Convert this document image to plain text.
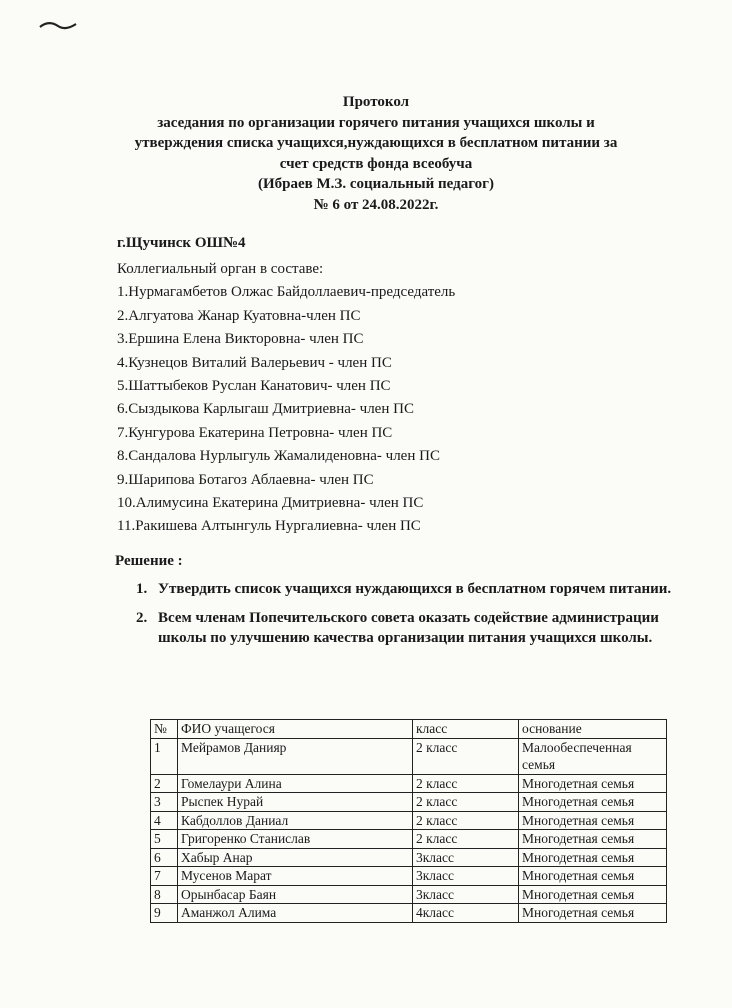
Протокол
заседания по организации горячего питания учащихся школы и
утверждения списка учащихся,нуждающихся в бесплатном питании за
счет средств фонда всеобуча
(Ибраев М.З. социальный педагог)
№ 6 от 24.08.2022г.
г.Щучинск ОШ№4
Коллегиальный орган в составе:
1.Нурмагамбетов Олжас Байдоллаевич-председатель
2.Алгуатова Жанар Куатовна-член ПС
3.Ершина Елена Викторовна- член ПС
4.Кузнецов Виталий Валерьевич - член ПС
5.Шаттыбеков Руслан Канатович- член ПС
6.Сыздыкова Карлыгаш Дмитриевна- член ПС
7.Кунгурова Екатерина Петровна- член ПС
8.Сандалова Нурлыгуль Жамалиденовна- член ПС
9.Шарипова Ботагоз Аблаевна- член ПС
10.Алимусина Екатерина Дмитриевна- член ПС
11.Ракишева Алтынгуль Нургалиевна- член ПС
Решение :
1. Утвердить список учащихся нуждающихся в бесплатном горячем питании.
2. Всем членам Попечительского совета оказать содействие администрации школы по улучшению качества организации питания учащихся школы.
№	ФИО учащегося	класс	основание
1	Мейрамов Данияр	2 класс	Малообеспеченная семья
2	Гомелаури Алина	2 класс	Многодетная семья
3	Рыспек Нурай	2 класс	Многодетная семья
4	Кабдоллов Даниал	2 класс	Многодетная семья
5	Григоренко Станислав	2 класс	Многодетная семья
6	Хабыр Анар	3класс	Многодетная семья
7	Мусенов Марат	3класс	Многодетная семья
8	Орынбасар Баян	3класс	Многодетная семья
9	Аманжол Алима	4класс	Многодетная семья
